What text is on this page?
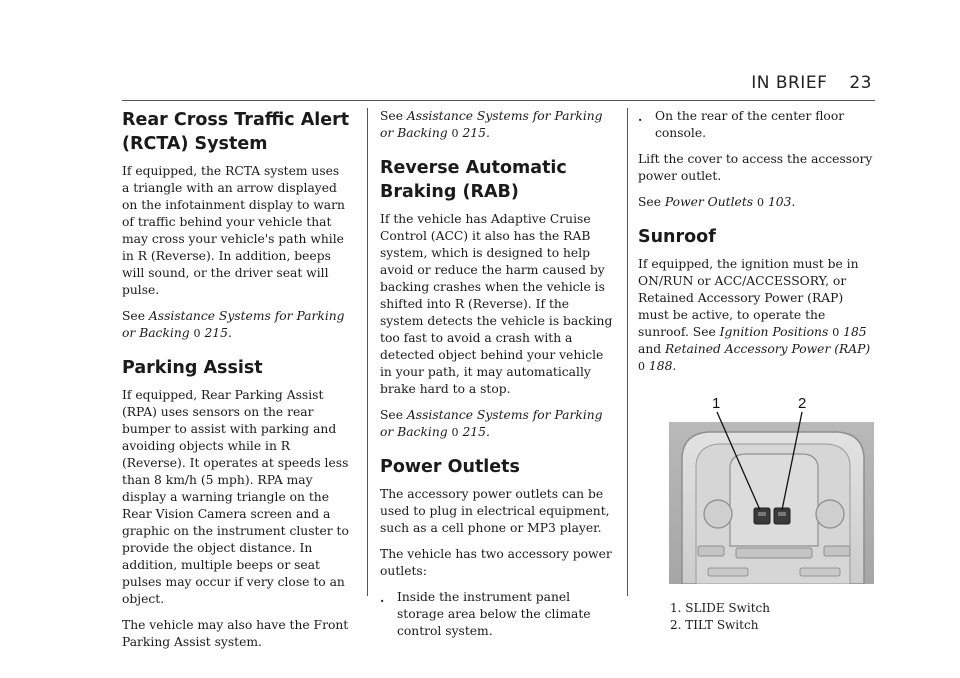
IN BRIEF 23
Rear Cross Traffic Alert
(RCTA) System

If equipped, the RCTA system uses a triangle with an arrow displayed on the infotainment display to warn of traffic behind your vehicle that may cross your vehicle's path while in R (Reverse). In addition, beeps will sound, or the driver seat will pulse.

See Assistance Systems for Parking or Backing 0 215.

Parking Assist

If equipped, Rear Parking Assist (RPA) uses sensors on the rear bumper to assist with parking and avoiding objects while in R (Reverse). It operates at speeds less than 8 km/h (5 mph). RPA may display a warning triangle on the Rear Vision Camera screen and a graphic on the instrument cluster to provide the object distance. In addition, multiple beeps or seat pulses may occur if very close to an object.

The vehicle may also have the Front Parking Assist system.

See Assistance Systems for Parking or Backing 0 215.

Reverse Automatic
Braking (RAB)

If the vehicle has Adaptive Cruise Control (ACC) it also has the RAB system, which is designed to help avoid or reduce the harm caused by backing crashes when the vehicle is shifted into R (Reverse). If the system detects the vehicle is backing too fast to avoid a crash with a detected object behind your vehicle in your path, it may automatically brake hard to a stop.

See Assistance Systems for Parking or Backing 0 215.

Power Outlets

The accessory power outlets can be used to plug in electrical equipment, such as a cell phone or MP3 player.

The vehicle has two accessory power outlets:

.	Inside the instrument panel storage area below the climate control system.
.	On the rear of the center floor console.

Lift the cover to access the accessory power outlet.

See Power Outlets 0 103.

Sunroof

If equipped, the ignition must be in ON/RUN or ACC/ACCESSORY, or Retained Accessory Power (RAP) must be active, to operate the sunroof. See Ignition Positions 0 185 and Retained Accessory Power (RAP) 0 188.

1	2
1. SLIDE Switch
2. TILT Switch
